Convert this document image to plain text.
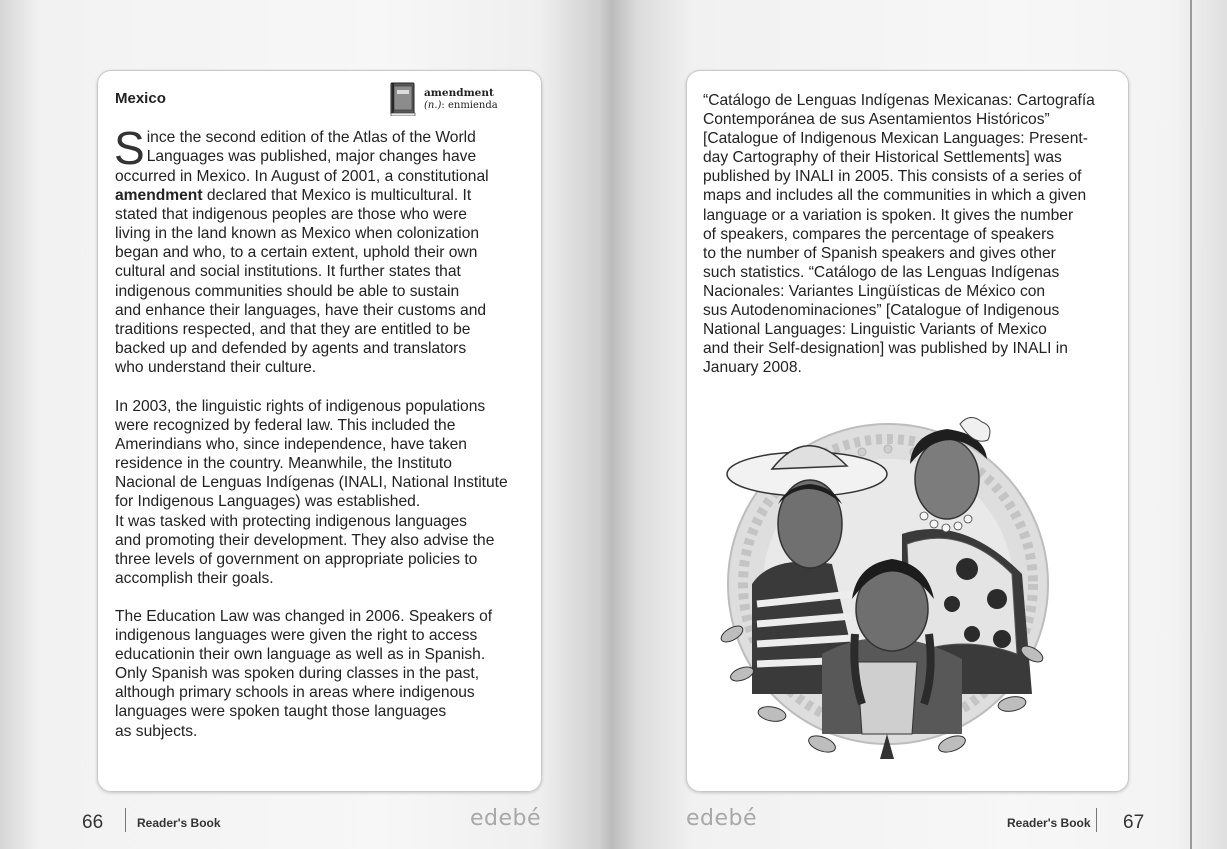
Mexico	amendment
(n.): enmienda
S ince the second edition of the Atlas of the World
Languages was published, major changes have
occurred in Mexico. In August of 2001, a constitutional
amendment declared that Mexico is multicultural. It
stated that indigenous peoples are those who were
living in the land known as Mexico when colonization
began and who, to a certain extent, uphold their own
cultural and social institutions. It further states that
indigenous communities should be able to sustain
and enhance their languages, have their customs and
traditions respected, and that they are entitled to be
backed up and defended by agents and translators
who understand their culture.
In 2003, the linguistic rights of indigenous populations
were recognized by federal law. This included the
Amerindians who, since independence, have taken
residence in the country. Meanwhile, the Instituto
Nacional de Lenguas Indígenas (INALI, National Institute
for Indigenous Languages) was established.
It was tasked with protecting indigenous languages
and promoting their development. They also advise the
three levels of government on appropriate policies to
accomplish their goals.
The Education Law was changed in 2006. Speakers of
indigenous languages were given the right to access
educationin their own language as well as in Spanish.
Only Spanish was spoken during classes in the past,
although primary schools in areas where indigenous
languages were spoken taught those languages
as subjects.
66	Reader's Book	edebé
“Catálogo de Lenguas Indígenas Mexicanas: Cartografía
Contemporánea de sus Asentamientos Históricos”
[Catalogue of Indigenous Mexican Languages: Present-
day Cartography of their Historical Settlements] was
published by INALI in 2005. This consists of a series of
maps and includes all the communities in which a given
language or a variation is spoken. It gives the number
of speakers, compares the percentage of speakers
to the number of Spanish speakers and gives other
such statistics. “Catálogo de las Lenguas Indígenas
Nacionales: Variantes Lingüísticas de México con
sus Autodenominaciones” [Catalogue of Indigenous
National Languages: Linguistic Variants of Mexico
and their Self-designation] was published by INALI in
January 2008.
edebé	Reader's Book 67
